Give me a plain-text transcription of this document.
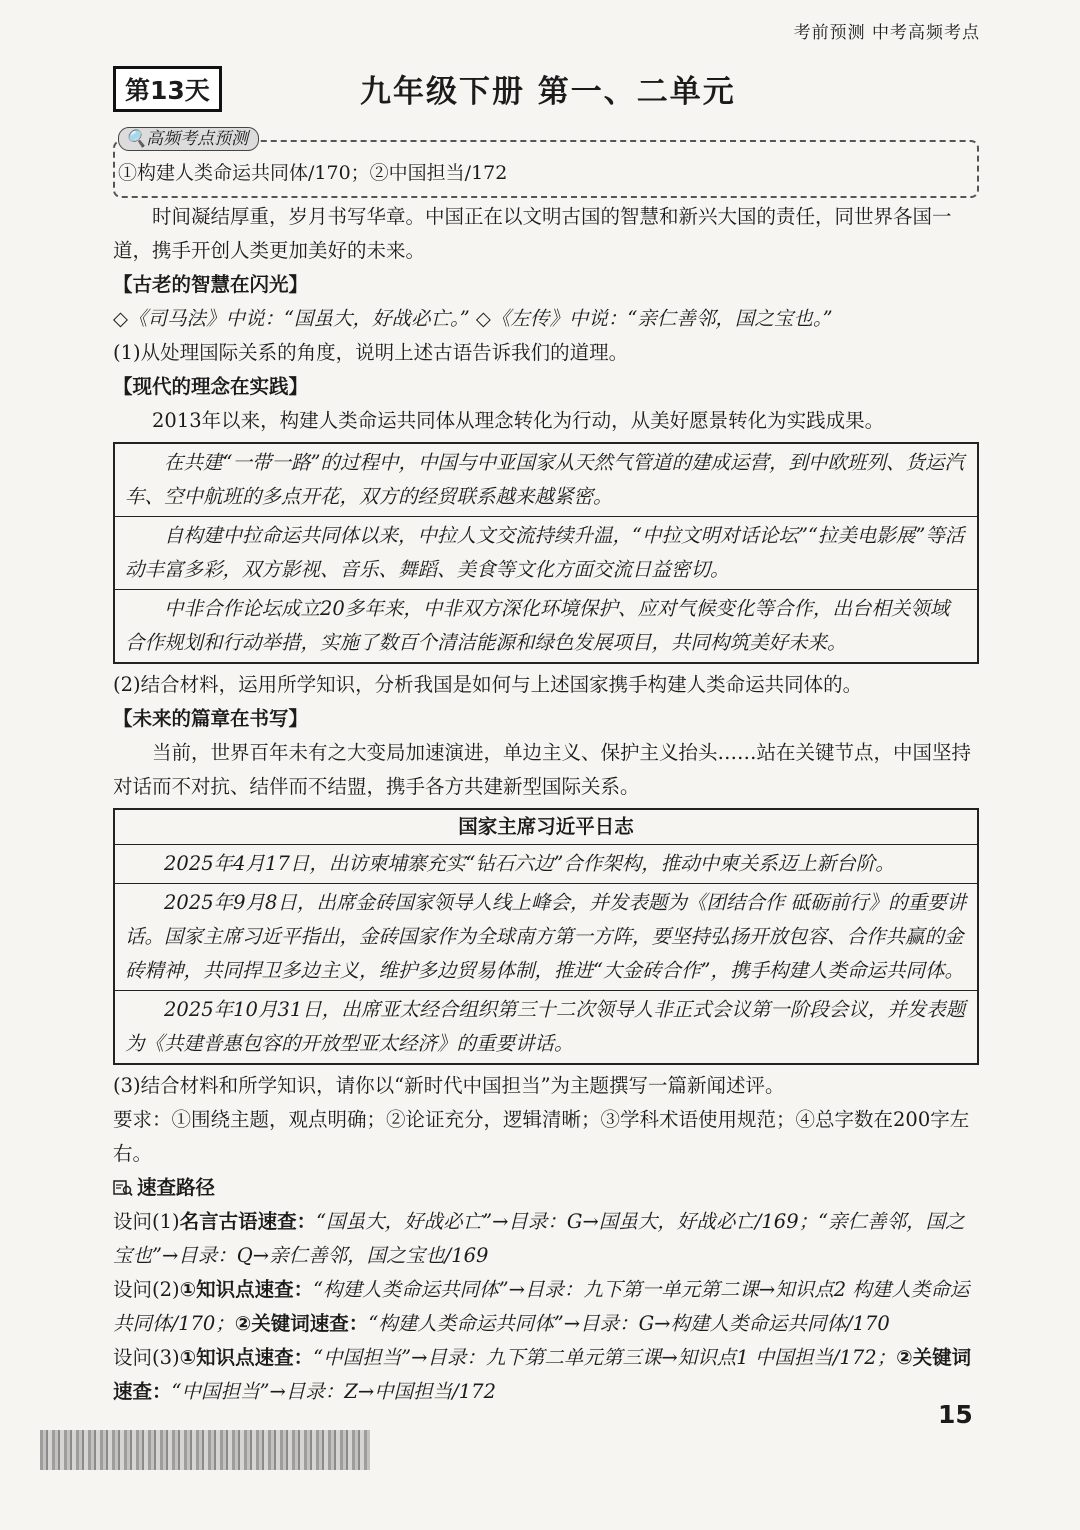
考前预测 中考高频考点
第13天	九年级下册 第一、二单元
🔍高频考点预测
①构建人类命运共同体/170；②中国担当/172

时间凝结厚重，岁月书写华章。中国正在以文明古国的智慧和新兴大国的责任，同世界各国一道，携手开创人类更加美好的未来。

【古老的智慧在闪光】

◇《司马法》中说：“国虽大，好战必亡。” ◇《左传》中说：“亲仁善邻，国之宝也。”

(1)从处理国际关系的角度，说明上述古语告诉我们的道理。

【现代的理念在实践】

2013年以来，构建人类命运共同体从理念转化为行动，从美好愿景转化为实践成果。

在共建“一带一路”的过程中，中国与中亚国家从天然气管道的建成运营，到中欧班列、货运汽车、空中航班的多点开花，双方的经贸联系越来越紧密。
自构建中拉命运共同体以来，中拉人文交流持续升温，“中拉文明对话论坛”“拉美电影展”等活动丰富多彩，双方影视、音乐、舞蹈、美食等文化方面交流日益密切。
中非合作论坛成立20多年来，中非双方深化环境保护、应对气候变化等合作，出台相关领域合作规划和行动举措，实施了数百个清洁能源和绿色发展项目，共同构筑美好未来。

(2)结合材料，运用所学知识，分析我国是如何与上述国家携手构建人类命运共同体的。

【未来的篇章在书写】

当前，世界百年未有之大变局加速演进，单边主义、保护主义抬头……站在关键节点，中国坚持对话而不对抗、结伴而不结盟，携手各方共建新型国际关系。

国家主席习近平日志
2025年4月17日，出访柬埔寨充实“钻石六边”合作架构，推动中柬关系迈上新台阶。
2025年9月8日，出席金砖国家领导人线上峰会，并发表题为《团结合作 砥砺前行》的重要讲话。国家主席习近平指出，金砖国家作为全球南方第一方阵，要坚持弘扬开放包容、合作共赢的金砖精神，共同捍卫多边主义，维护多边贸易体制，推进“大金砖合作”，携手构建人类命运共同体。
2025年10月31日，出席亚太经合组织第三十二次领导人非正式会议第一阶段会议，并发表题为《共建普惠包容的开放型亚太经济》的重要讲话。

(3)结合材料和所学知识，请你以“新时代中国担当”为主题撰写一篇新闻述评。

要求：①围绕主题，观点明确；②论证充分，逻辑清晰；③学科术语使用规范；④总字数在200字左右。

速查路径

设问(1)名言古语速查：“国虽大，好战必亡”→目录：G→国虽大，好战必亡/169；“亲仁善邻，国之宝也”→目录：Q→亲仁善邻，国之宝也/169

设问(2)①知识点速查：“构建人类命运共同体”→目录：九下第一单元第二课→知识点2 构建人类命运共同体/170；②关键词速查：“构建人类命运共同体”→目录：G→构建人类命运共同体/170

设问(3)①知识点速查：“中国担当”→目录：九下第二单元第三课→知识点1 中国担当/172；②关键词速查：“中国担当”→目录：Z→中国担当/172

15
